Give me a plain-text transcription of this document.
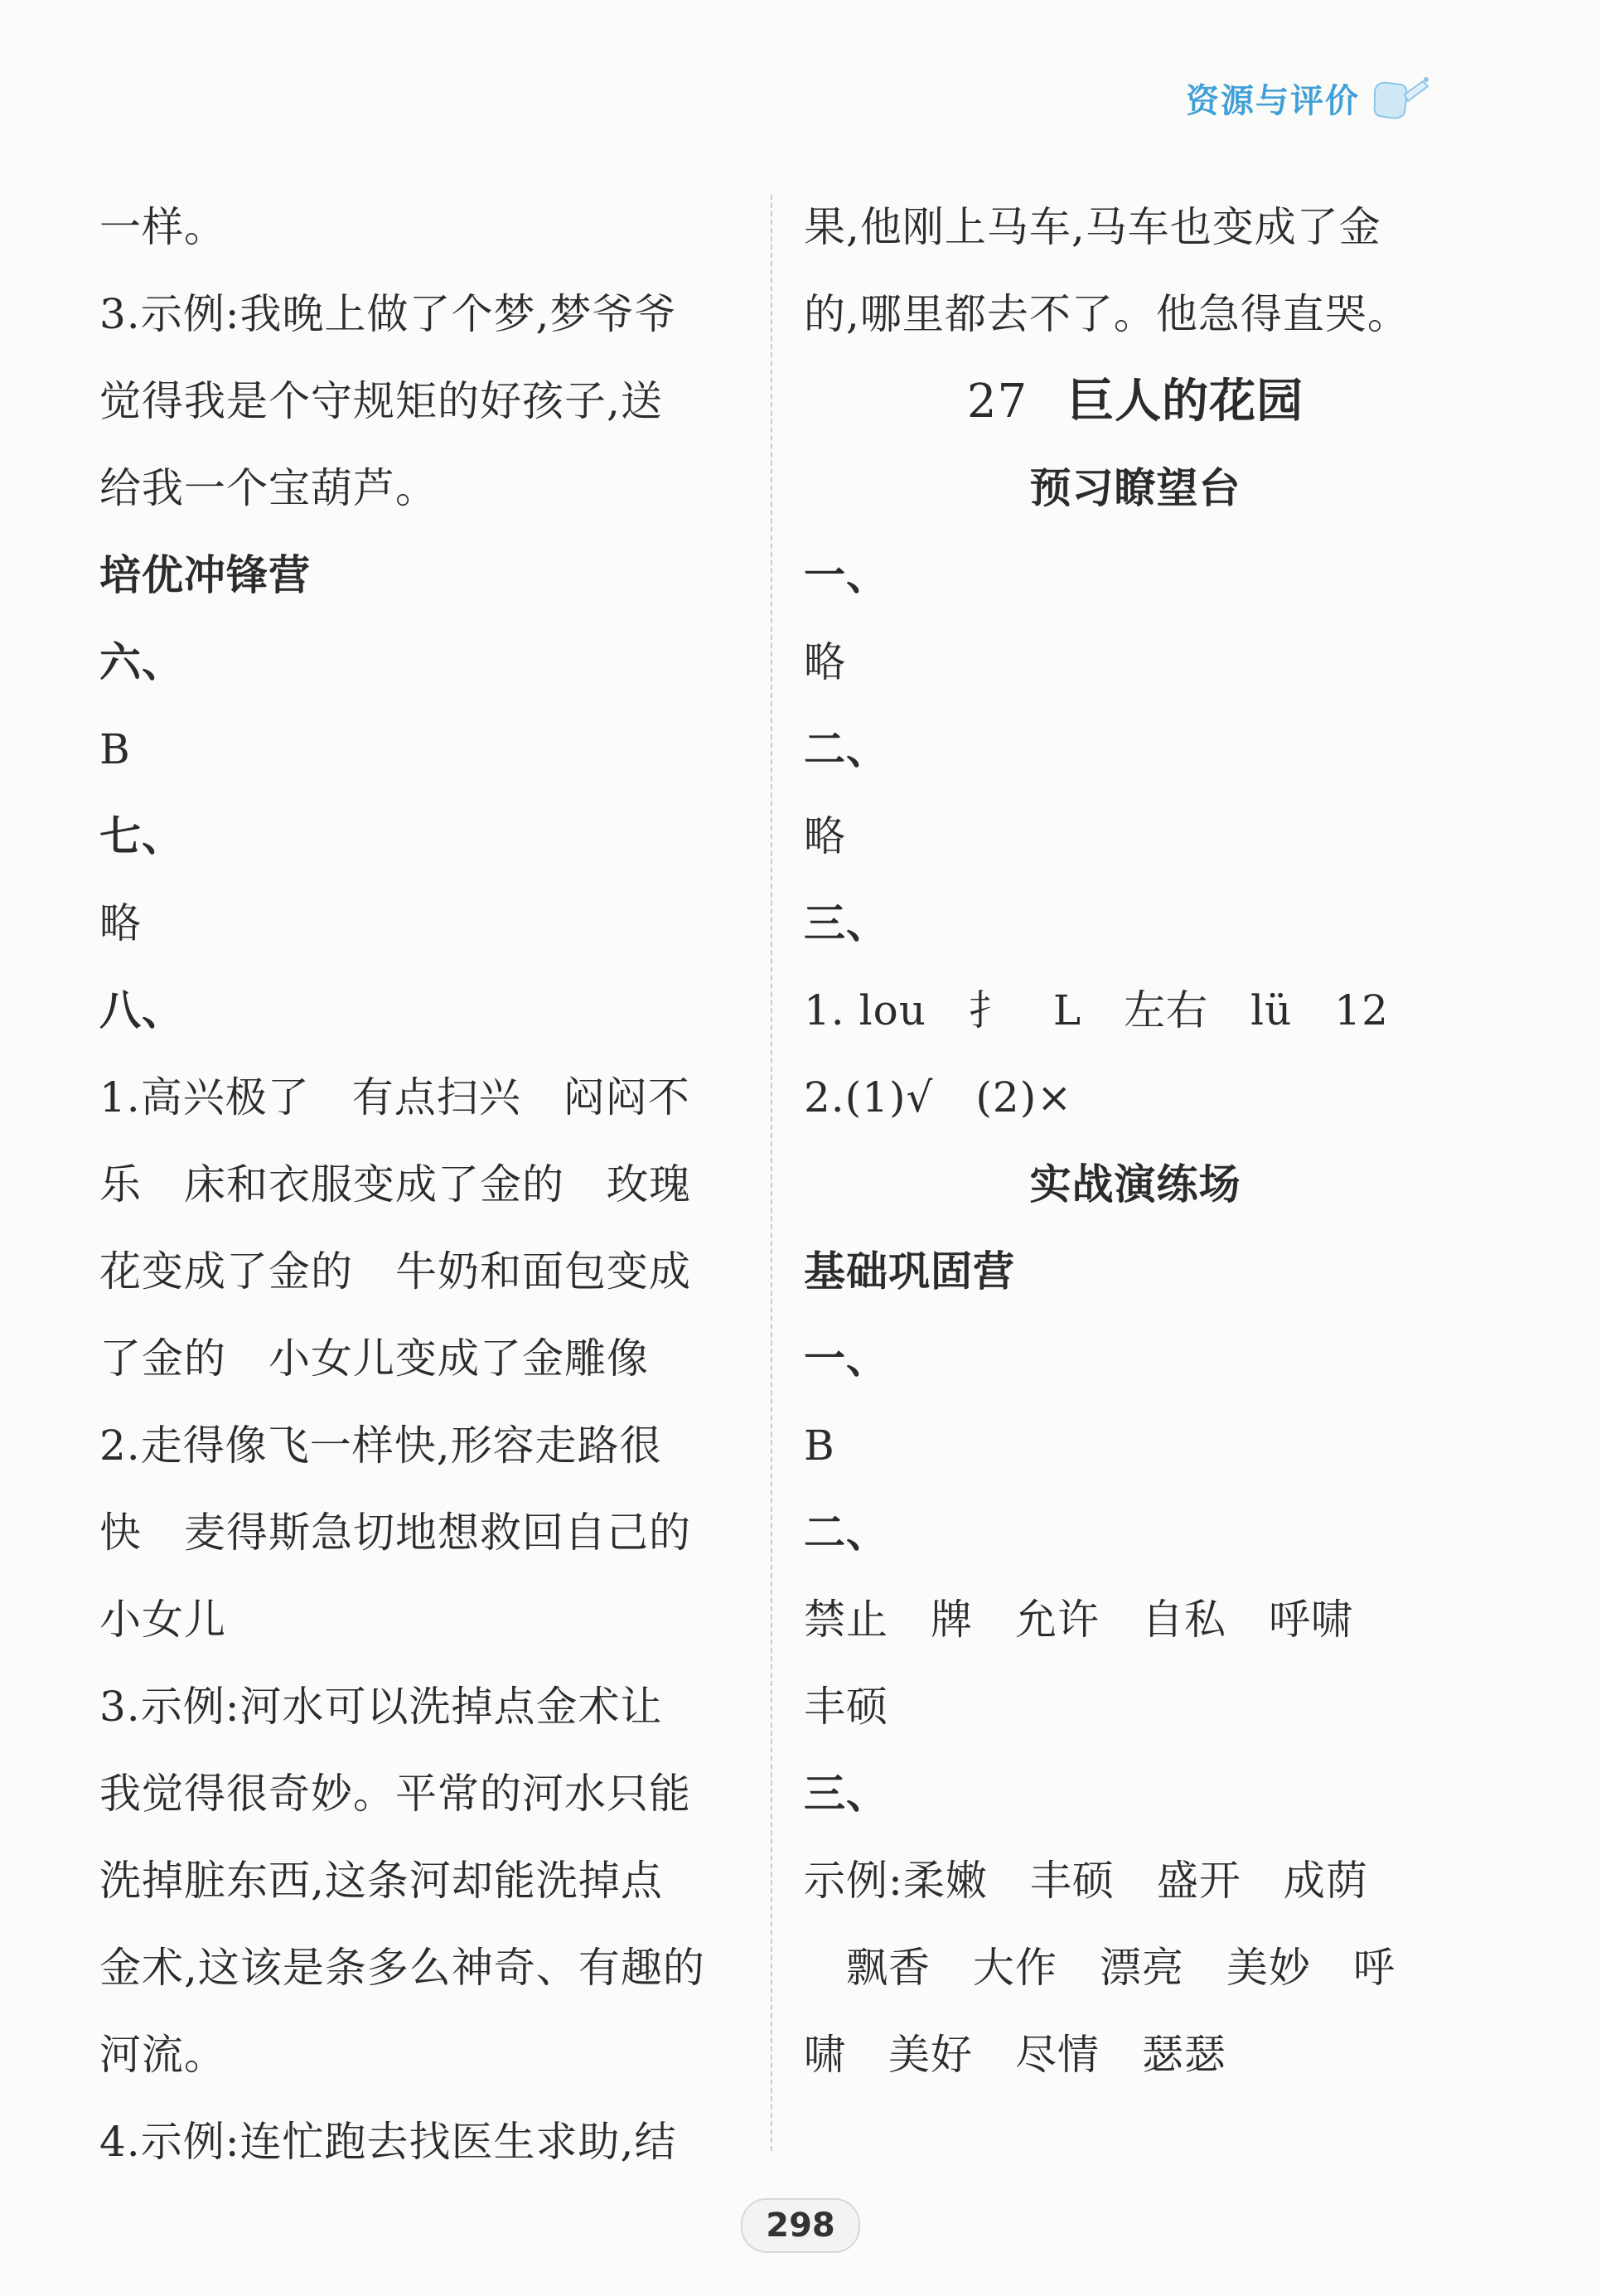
资源与评价
一样。
3.示例:我晚上做了个梦,梦爷爷
觉得我是个守规矩的好孩子,送
给我一个宝葫芦。
培优冲锋营
六、
B
七、
略
八、
1.高兴极了　有点扫兴　闷闷不
乐　床和衣服变成了金的　玫瑰
花变成了金的　牛奶和面包变成
了金的　小女儿变成了金雕像
2.走得像飞一样快,形容走路很
快　麦得斯急切地想救回自己的
小女儿
3.示例:河水可以洗掉点金术让
我觉得很奇妙。平常的河水只能
洗掉脏东西,这条河却能洗掉点
金术,这该是条多么神奇、有趣的
河流。
4.示例:连忙跑去找医生求助,结
果,他刚上马车,马车也变成了金
的,哪里都去不了。他急得直哭。
27 巨人的花园
预习瞭望台
一、
略
二、
略
三、
1. lou　扌　L　左右　lü　12
2.(1)√　(2)×
实战演练场
基础巩固营
一、
B
二、
禁止　牌　允许　自私　呼啸
丰硕
三、
示例:柔嫩　丰硕　盛开　成荫
　飘香　大作　漂亮　美妙　呼
啸　美好　尽情　瑟瑟
298
